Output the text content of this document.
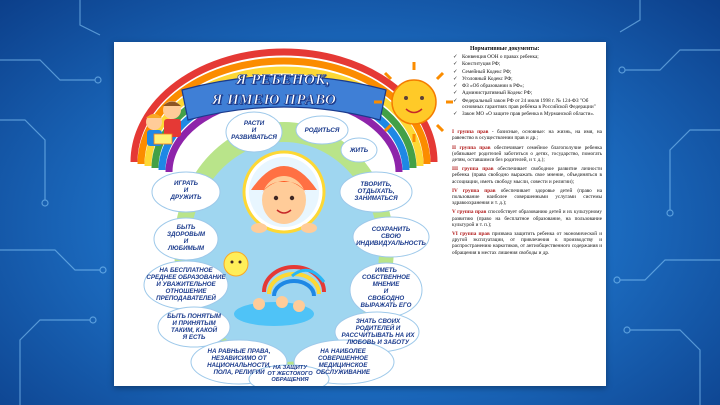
Я РЕБЕНОК,
Я ИМЕЮ ПРАВО
РАСТИ
И
РАЗВИВАТЬСЯ
РОДИТЬСЯ
ЖИТЬ
ИГРАТЬ
И
ДРУЖИТЬ
ТВОРИТЬ,
ОТДЫХАТЬ,
ЗАНИМАТЬСЯ
БЫТЬ
ЗДОРОВЫМ
И
ЛЮБИМЫМ
СОХРАНИТЬ
СВОЮ
ИНДИВИДУАЛЬНОСТЬ
НА БЕСПЛАТНОЕ
СРЕДНЕЕ ОБРАЗОВАНИЕ
И УВАЖИТЕЛЬНОЕ
ОТНОШЕНИЕ
ПРЕПОДАВАТЕЛЕЙ
ИМЕТЬ
СОБСТВЕННОЕ
МНЕНИЕ
И
СВОБОДНО
ВЫРАЖАТЬ ЕГО
БЫТЬ ПОНЯТЫМ
И ПРИНЯТЫМ
ТАКИМ, КАКОЙ
Я ЕСТЬ
ЗНАТЬ СВОИХ
РОДИТЕЛЕЙ И
РАССЧИТЫВАТЬ НА ИХ
ЛЮБОВЬ И ЗАБОТУ
НА РАВНЫЕ ПРАВА,
НЕЗАВИСИМО ОТ
НАЦИОНАЛЬНОСТИ,
ПОЛА, РЕЛИГИИ
НА НАИБОЛЕЕ
СОВЕРШЕННОЕ
МЕДИЦИНСКОЕ
ОБСЛУЖИВАНИЕ
НА ЗАЩИТУ
ОТ ЖЕСТОКОГО
ОБРАЩЕНИЯ
Нормативные документы:
✓ Конвенция ООН о правах ребенка;
✓ Конституция РФ;
✓ Семейный Кодекс РФ;
✓ Уголовный Кодекс РФ;
✓ ФЗ «Об образовании в РФ»;
✓ Административный Кодекс РФ;
✓ Федеральный закон РФ от 24 июля 1998 г. № 124-ФЗ "Об основных гарантиях прав ребёнка в Российской Федерации"
✓ Закон МО «О защите прав ребенка в Мурманской области».
I группа прав - базисные, основные: на жизнь, на имя, на равенство в осуществлении прав и др.;
II группа прав обеспечивает семейное благополучие ребенка (обязывает родителей заботиться о детях, государство, помогать детям, оставшимся без родителей, и т. д.);
III группа прав обеспечивает свободное развитие личности ребенка (права свободно выражать свое мнение, объединяться в ассоциации, иметь свободу мысли, совести и религии);
IV группа прав обеспечивает здоровье детей (право на пользование наиболее совершенными услугами системы здравоохранения и т. д.);
V группа прав способствует образованию детей и их культурному развитию (право на бесплатное образование, на пользование культурой и т. п.);
VI группа прав призвана защитить ребенка от экономической и другой эксплуатации, от привлечения к производству и распространению наркотиков, от антиобщественного содержания и обращения в местах лишения свободы и др.
